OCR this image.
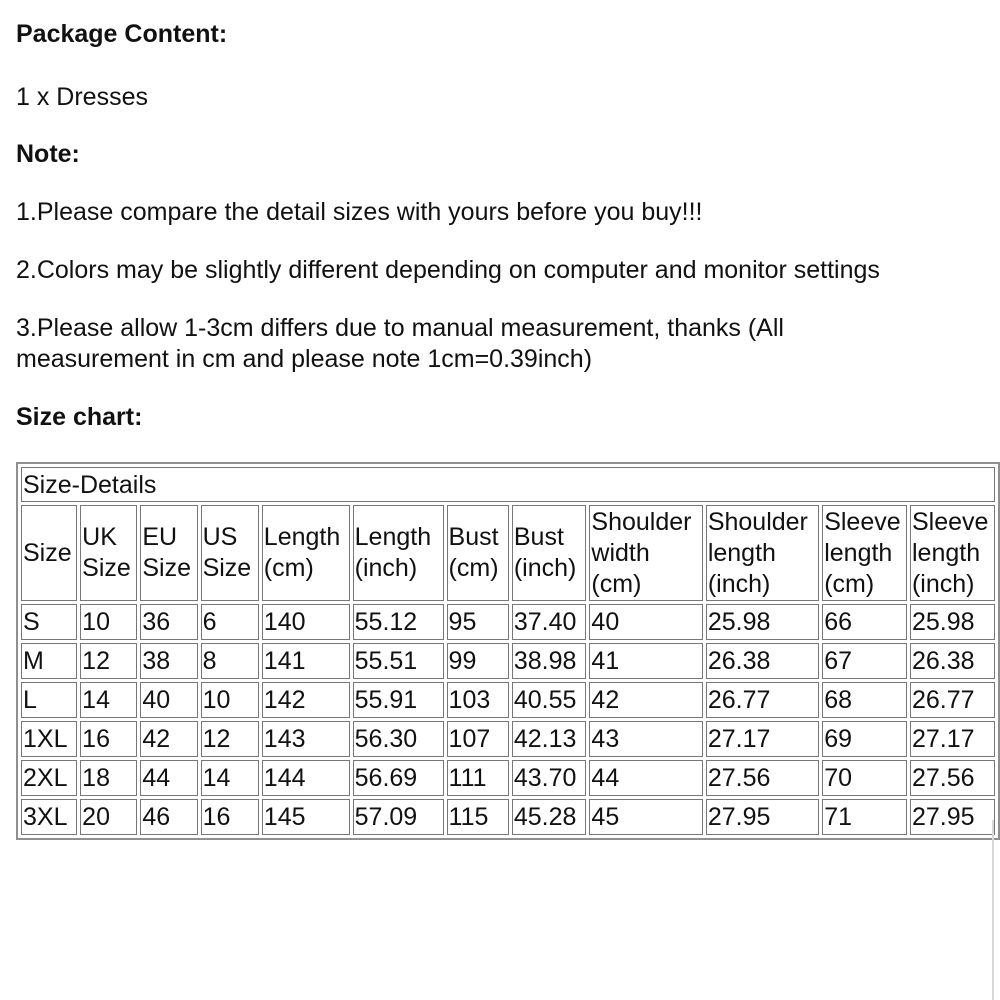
Package Content:
1 x Dresses
Note:
1.Please compare the detail sizes with yours before you buy!!!
2.Colors may be slightly different depending on computer and monitor settings
3.Please allow 1-3cm differs due to manual measurement, thanks (All
measurement in cm and please note 1cm=0.39inch)
Size chart:
Size-Details											
Size	UK Size	EU Size	US Size	Length (cm)	Length (inch)	Bust (cm)	Bust (inch)	Shoulder width (cm)	Shoulder length (inch)	Sleeve length (cm)	Sleeve length (inch)
S	10	36	6	140	55.12	95	37.40	40	25.98	66	25.98
M	12	38	8	141	55.51	99	38.98	41	26.38	67	26.38
L	14	40	10	142	55.91	103	40.55	42	26.77	68	26.77
1XL	16	42	12	143	56.30	107	42.13	43	27.17	69	27.17
2XL	18	44	14	144	56.69	111	43.70	44	27.56	70	27.56
3XL	20	46	16	145	57.09	115	45.28	45	27.95	71	27.95
